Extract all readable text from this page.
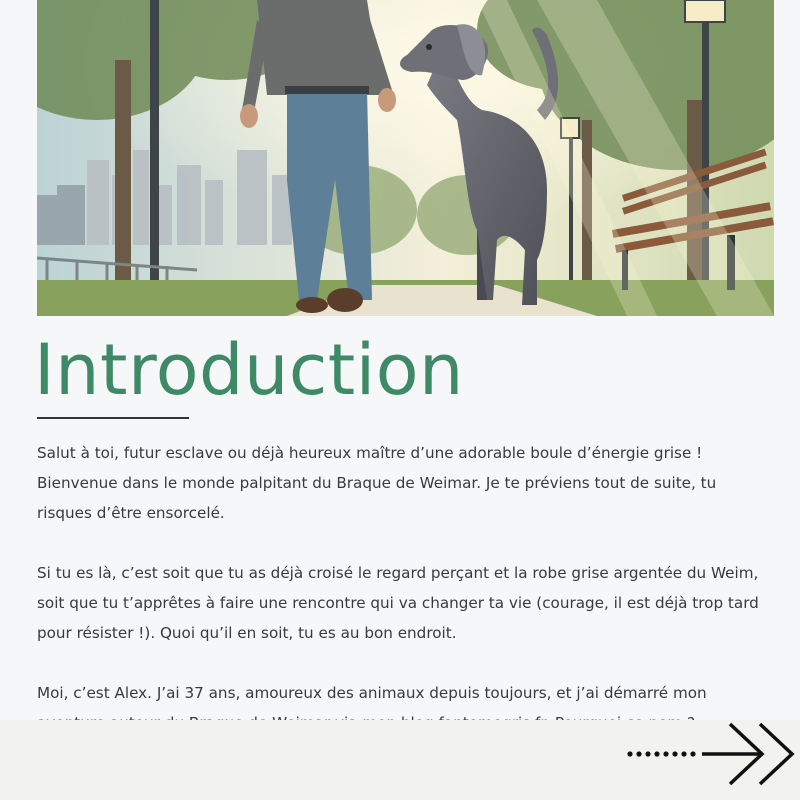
Introduction

Salut à toi, futur esclave ou déjà heureux maître d’une adorable boule d’énergie grise ! Bienvenue dans le monde palpitant du Braque de Weimar. Je te préviens tout de suite, tu risques d’être ensorcelé.

Si tu es là, c’est soit que tu as déjà croisé le regard perçant et la robe grise argentée du Weim, soit que tu t’apprêtes à faire une rencontre qui va changer ta vie (courage, il est déjà trop tard pour résister !). Quoi qu’il en soit, tu es au bon endroit.

Moi, c’est Alex. J’ai 37 ans, amoureux des animaux depuis toujours, et j’ai démarré mon
